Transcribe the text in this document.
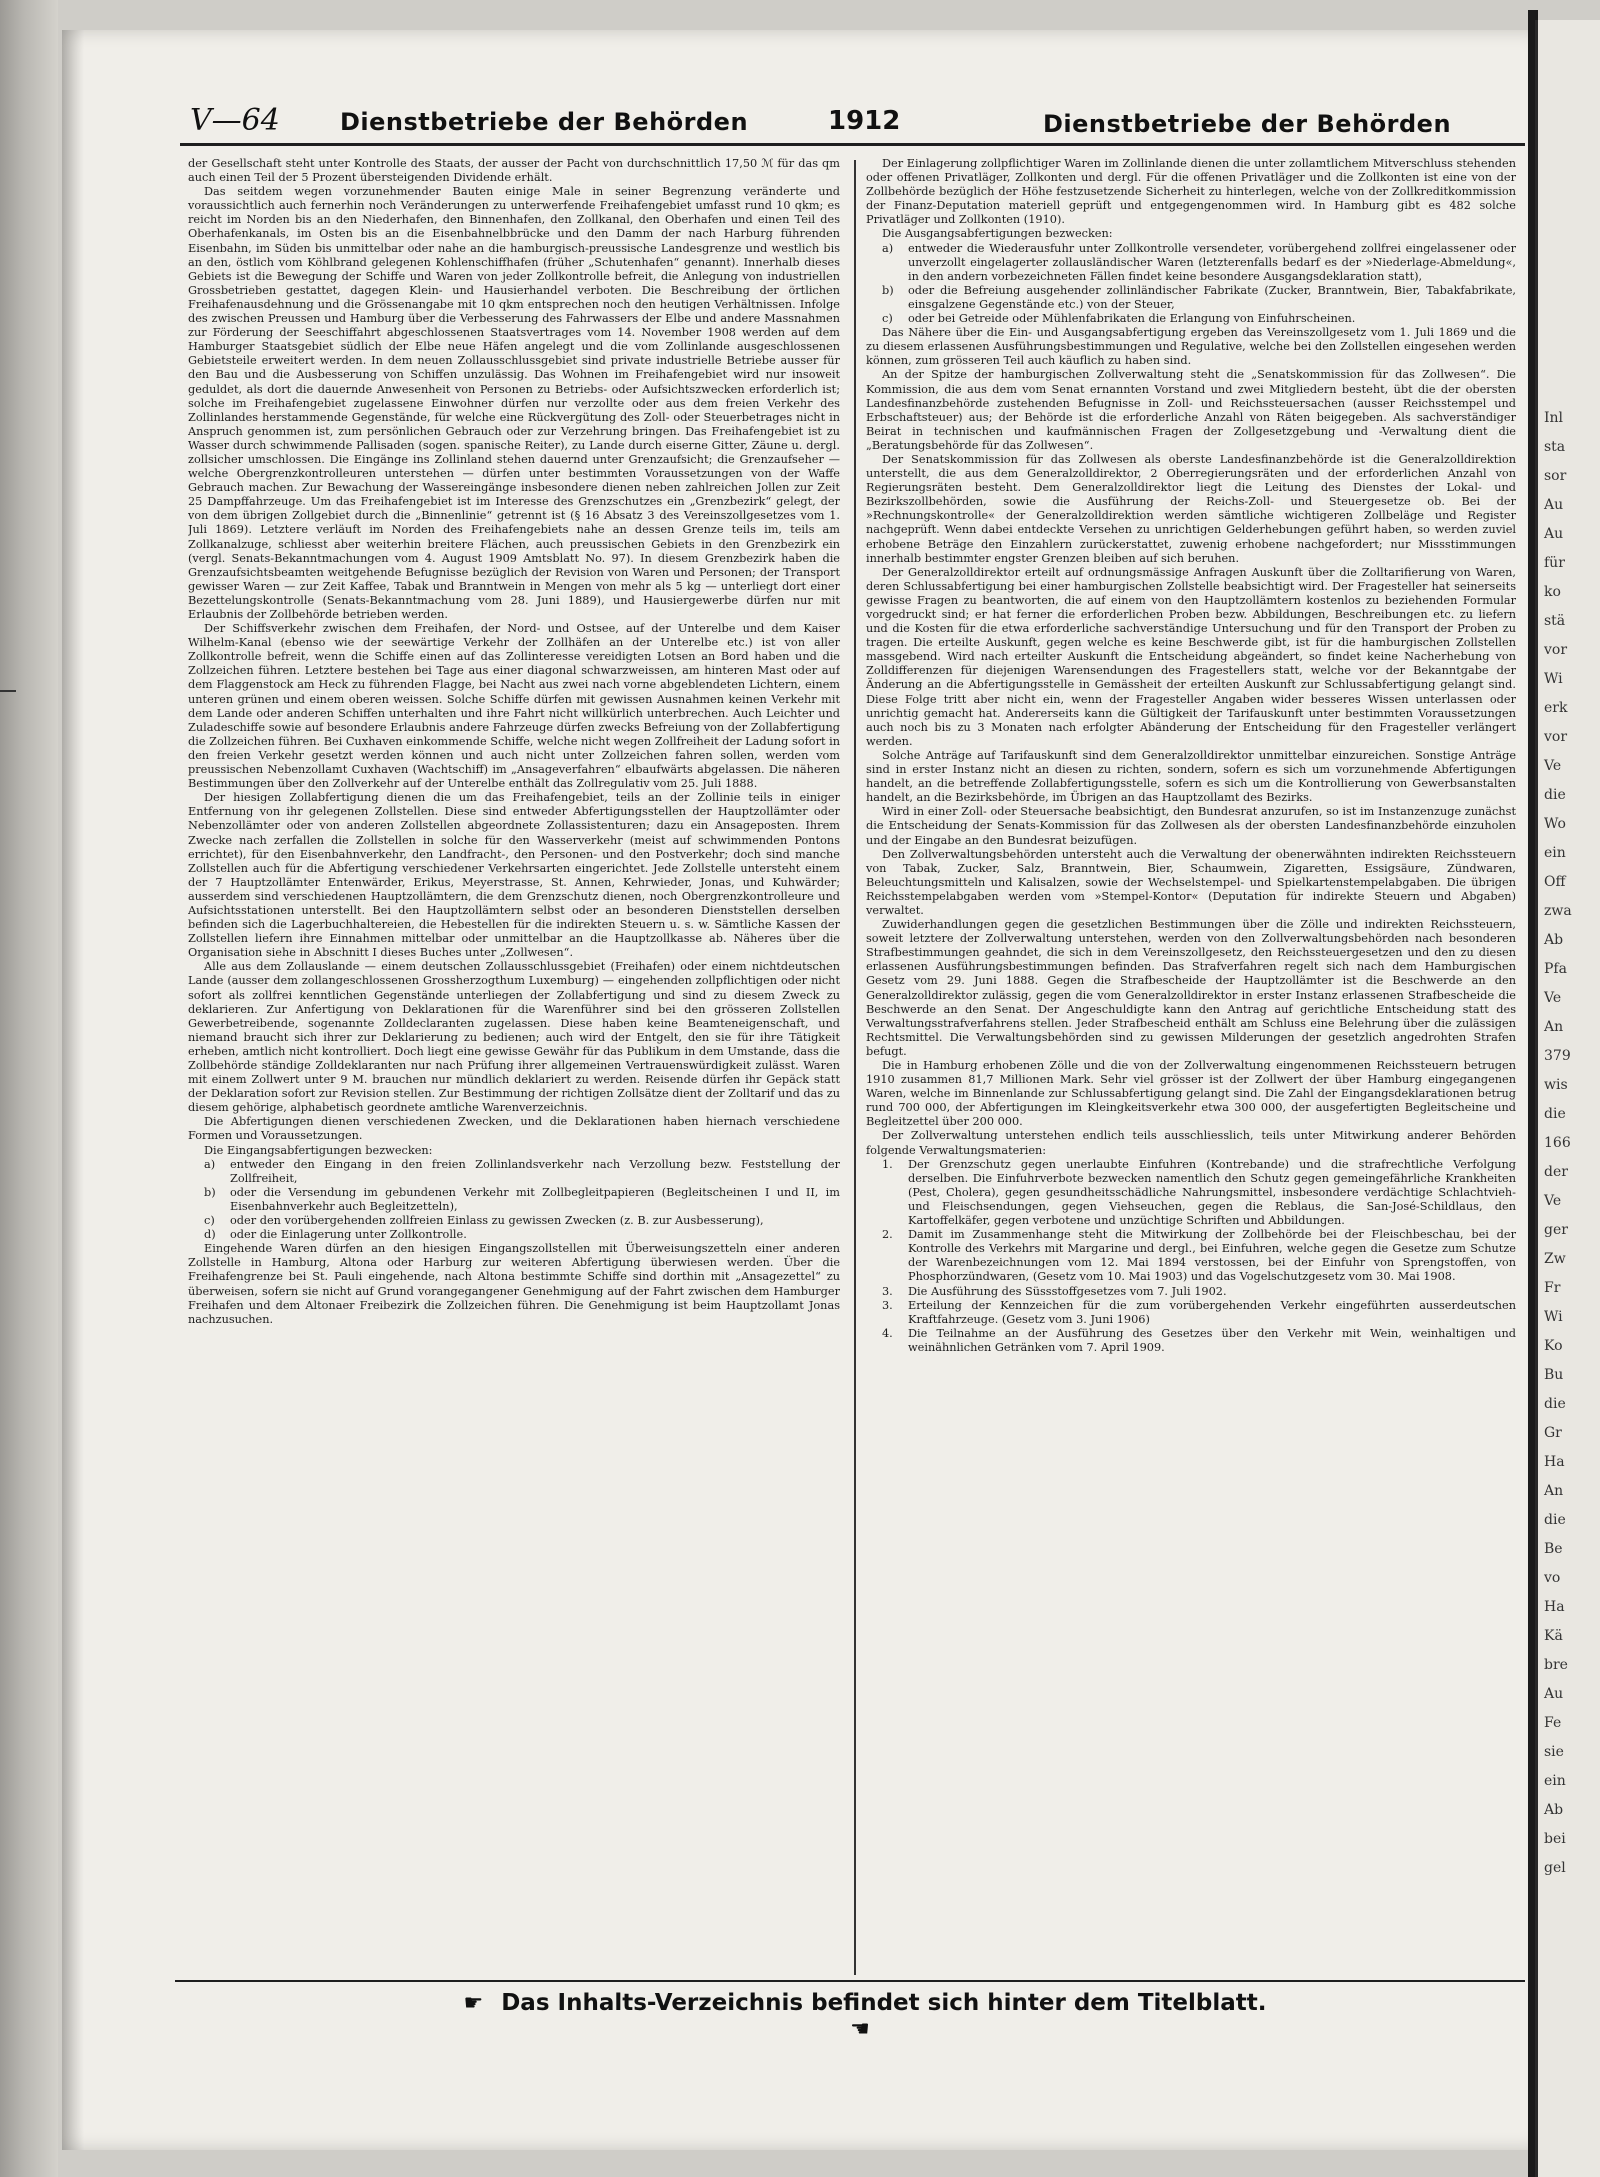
Inl
sta
sor
Au
Au
für
ko
stä
vor
Wi
erk
vor
Ve
die
Wo
ein
Off
zwa
Ab
Pfa
Ve
An
379
wis
die
166
der
Ve
ger
Zw
Fr
Wi
Ko
Bu
die
Gr
Ha
An
die
Be
vo
Ha
Kä
bre
Au
Fe
sie
ein
Ab
bei
gel
V—64	Dienstbetriebe der Behörden	1912	Dienstbetriebe der Behörden

der Gesellschaft steht unter Kontrolle des Staats, der ausser der Pacht von durchschnittlich 17,50 ℳ für das qm auch einen Teil der 5 Prozent übersteigenden Dividende erhält.

Das seitdem wegen vorzunehmender Bauten einige Male in seiner Begrenzung veränderte und voraussichtlich auch fernerhin noch Veränderungen zu unterwerfende Freihafengebiet umfasst rund 10 qkm; es reicht im Norden bis an den Niederhafen, den Binnenhafen, den Zollkanal, den Oberhafen und einen Teil des Oberhafenkanals, im Osten bis an die Eisenbahnelbbrücke und den Damm der nach Harburg führenden Eisenbahn, im Süden bis unmittelbar oder nahe an die hamburgisch-preussische Landesgrenze und westlich bis an den, östlich vom Köhlbrand gelegenen Kohlenschiffhafen (früher „Schutenhafen“ genannt). Innerhalb dieses Gebiets ist die Bewegung der Schiffe und Waren von jeder Zollkontrolle befreit, die Anlegung von industriellen Grossbetrieben gestattet, dagegen Klein- und Hausierhandel verboten. Die Beschreibung der örtlichen Freihafenausdehnung und die Grössenangabe mit 10 qkm entsprechen noch den heutigen Verhältnissen. Infolge des zwischen Preussen und Hamburg über die Verbesserung des Fahrwassers der Elbe und andere Massnahmen zur Förderung der Seeschiffahrt abgeschlossenen Staatsvertrages vom 14. November 1908 werden auf dem Hamburger Staatsgebiet südlich der Elbe neue Häfen angelegt und die vom Zollinlande ausgeschlossenen Gebietsteile erweitert werden. In dem neuen Zollausschlussgebiet sind private industrielle Betriebe ausser für den Bau und die Ausbesserung von Schiffen unzulässig. Das Wohnen im Freihafengebiet wird nur insoweit geduldet, als dort die dauernde Anwesenheit von Personen zu Betriebs- oder Aufsichtszwecken erforderlich ist; solche im Freihafengebiet zugelassene Einwohner dürfen nur verzollte oder aus dem freien Verkehr des Zollinlandes herstammende Gegenstände, für welche eine Rückvergütung des Zoll- oder Steuerbetrages nicht in Anspruch genommen ist, zum persönlichen Gebrauch oder zur Verzehrung bringen. Das Freihafengebiet ist zu Wasser durch schwimmende Pallisaden (sogen. spanische Reiter), zu Lande durch eiserne Gitter, Zäune u. dergl. zollsicher umschlossen. Die Eingänge ins Zollinland stehen dauernd unter Grenzaufsicht; die Grenzaufseher — welche Obergrenzkontrolleuren unterstehen — dürfen unter bestimmten Voraussetzungen von der Waffe Gebrauch machen. Zur Bewachung der Wassereingänge insbesondere dienen neben zahlreichen Jollen zur Zeit 25 Dampffahrzeuge. Um das Freihafengebiet ist im Interesse des Grenzschutzes ein „Grenzbezirk“ gelegt, der von dem übrigen Zollgebiet durch die „Binnenlinie“ getrennt ist (§ 16 Absatz 3 des Vereinszollgesetzes vom 1. Juli 1869). Letztere verläuft im Norden des Freihafengebiets nahe an dessen Grenze teils im, teils am Zollkanalzuge, schliesst aber weiterhin breitere Flächen, auch preussischen Gebiets in den Grenzbezirk ein (vergl. Senats-Bekanntmachungen vom 4. August 1909 Amtsblatt No. 97). In diesem Grenzbezirk haben die Grenzaufsichtsbeamten weitgehende Befugnisse bezüglich der Revision von Waren und Personen; der Transport gewisser Waren — zur Zeit Kaffee, Tabak und Branntwein in Mengen von mehr als 5 kg — unterliegt dort einer Bezettelungskontrolle (Senats-Bekanntmachung vom 28. Juni 1889), und Hausiergewerbe dürfen nur mit Erlaubnis der Zollbehörde betrieben werden.

Der Schiffsverkehr zwischen dem Freihafen, der Nord- und Ostsee, auf der Unterelbe und dem Kaiser Wilhelm-Kanal (ebenso wie der seewärtige Verkehr der Zollhäfen an der Unterelbe etc.) ist von aller Zollkontrolle befreit, wenn die Schiffe einen auf das Zollinteresse vereidigten Lotsen an Bord haben und die Zollzeichen führen. Letztere bestehen bei Tage aus einer diagonal schwarzweissen, am hinteren Mast oder auf dem Flaggenstock am Heck zu führenden Flagge, bei Nacht aus zwei nach vorne abgeblendeten Lichtern, einem unteren grünen und einem oberen weissen. Solche Schiffe dürfen mit gewissen Ausnahmen keinen Verkehr mit dem Lande oder anderen Schiffen unterhalten und ihre Fahrt nicht willkürlich unterbrechen. Auch Leichter und Zuladeschiffe sowie auf besondere Erlaubnis andere Fahrzeuge dürfen zwecks Befreiung von der Zollabfertigung die Zollzeichen führen. Bei Cuxhaven einkommende Schiffe, welche nicht wegen Zollfreiheit der Ladung sofort in den freien Verkehr gesetzt werden können und auch nicht unter Zollzeichen fahren sollen, werden vom preussischen Nebenzollamt Cuxhaven (Wachtschiff) im „Ansageverfahren“ elbaufwärts abgelassen. Die näheren Bestimmungen über den Zollverkehr auf der Unterelbe enthält das Zollregulativ vom 25. Juli 1888.

Der hiesigen Zollabfertigung dienen die um das Freihafengebiet, teils an der Zollinie teils in einiger Entfernung von ihr gelegenen Zollstellen. Diese sind entweder Abfertigungsstellen der Hauptzollämter oder Nebenzollämter oder von anderen Zollstellen abgeordnete Zollassistenturen; dazu ein Ansageposten. Ihrem Zwecke nach zerfallen die Zollstellen in solche für den Wasserverkehr (meist auf schwimmenden Pontons errichtet), für den Eisenbahnverkehr, den Landfracht-, den Personen- und den Postverkehr; doch sind manche Zollstellen auch für die Abfertigung verschiedener Verkehrsarten eingerichtet. Jede Zollstelle untersteht einem der 7 Hauptzollämter Entenwärder, Erikus, Meyerstrasse, St. Annen, Kehrwieder, Jonas, und Kuhwärder; ausserdem sind verschiedenen Hauptzollämtern, die dem Grenzschutz dienen, noch Obergrenzkontrolleure und Aufsichtsstationen unterstellt. Bei den Hauptzollämtern selbst oder an besonderen Dienststellen derselben befinden sich die Lagerbuchhaltereien, die Hebestellen für die indirekten Steuern u. s. w. Sämtliche Kassen der Zollstellen liefern ihre Einnahmen mittelbar oder unmittelbar an die Hauptzollkasse ab. Näheres über die Organisation siehe in Abschnitt I dieses Buches unter „Zollwesen“.

Alle aus dem Zollauslande — einem deutschen Zollausschlussgebiet (Freihafen) oder einem nichtdeutschen Lande (ausser dem zollangeschlossenen Grossherzogthum Luxemburg) — eingehenden zollpflichtigen oder nicht sofort als zollfrei kenntlichen Gegenstände unterliegen der Zollabfertigung und sind zu diesem Zweck zu deklarieren. Zur Anfertigung von Deklarationen für die Warenführer sind bei den grösseren Zollstellen Gewerbetreibende, sogenannte Zolldeclaranten zugelassen. Diese haben keine Beamteneigenschaft, und niemand braucht sich ihrer zur Deklarierung zu bedienen; auch wird der Entgelt, den sie für ihre Tätigkeit erheben, amtlich nicht kontrolliert. Doch liegt eine gewisse Gewähr für das Publikum in dem Umstande, dass die Zollbehörde ständige Zolldeklaranten nur nach Prüfung ihrer allgemeinen Vertrauenswürdigkeit zulässt. Waren mit einem Zollwert unter 9 M. brauchen nur mündlich deklariert zu werden. Reisende dürfen ihr Gepäck statt der Deklaration sofort zur Revision stellen. Zur Bestimmung der richtigen Zollsätze dient der Zolltarif und das zu diesem gehörige, alphabetisch geordnete amtliche Warenverzeichnis.

Die Abfertigungen dienen verschiedenen Zwecken, und die Deklarationen haben hiernach verschiedene Formen und Voraussetzungen.

Die Eingangsabfertigungen bezwecken:

a)	entweder den Eingang in den freien Zollinlandsverkehr nach Verzollung bezw. Feststellung der Zollfreiheit,
b)	oder die Versendung im gebundenen Verkehr mit Zollbegleitpapieren (Begleitscheinen I und II, im Eisenbahnverkehr auch Begleitzetteln),
c)	oder den vorübergehenden zollfreien Einlass zu gewissen Zwecken (z. B. zur Ausbesserung),
d)	oder die Einlagerung unter Zollkontrolle.

Eingehende Waren dürfen an den hiesigen Eingangszollstellen mit Überweisungszetteln einer anderen Zollstelle in Hamburg, Altona oder Harburg zur weiteren Abfertigung überwiesen werden. Über die Freihafengrenze bei St. Pauli eingehende, nach Altona bestimmte Schiffe sind dorthin mit „Ansagezettel“ zu überweisen, sofern sie nicht auf Grund vorangegangener Genehmigung auf der Fahrt zwischen dem Hamburger Freihafen und dem Altonaer Freibezirk die Zollzeichen führen. Die Genehmigung ist beim Hauptzollamt Jonas nachzusuchen.

Der Einlagerung zollpflichtiger Waren im Zollinlande dienen die unter zollamtlichem Mitverschluss stehenden oder offenen Privatläger, Zollkonten und dergl. Für die offenen Privatläger und die Zollkonten ist eine von der Zollbehörde bezüglich der Höhe festzusetzende Sicherheit zu hinterlegen, welche von der Zollkreditkommission der Finanz-Deputation materiell geprüft und entgegengenommen wird. In Hamburg gibt es 482 solche Privatläger und Zollkonten (1910).

Die Ausgangsabfertigungen bezwecken:

a)	entweder die Wiederausfuhr unter Zollkontrolle versendeter, vorübergehend zollfrei eingelassener oder unverzollt eingelagerter zollausländischer Waren (letzterenfalls bedarf es der »Niederlage-Abmeldung«, in den andern vorbezeichneten Fällen findet keine besondere Ausgangsdeklaration statt),
b)	oder die Befreiung ausgehender zollinländischer Fabrikate (Zucker, Branntwein, Bier, Tabakfabrikate, einsgalzene Gegenstände etc.) von der Steuer,
c)	oder bei Getreide oder Mühlenfabrikaten die Erlangung von Einfuhrscheinen.

Das Nähere über die Ein- und Ausgangsabfertigung ergeben das Vereinszollgesetz vom 1. Juli 1869 und die zu diesem erlassenen Ausführungsbestimmungen und Regulative, welche bei den Zollstellen eingesehen werden können, zum grösseren Teil auch käuflich zu haben sind.

An der Spitze der hamburgischen Zollverwaltung steht die „Senatskommission für das Zollwesen“. Die Kommission, die aus dem vom Senat ernannten Vorstand und zwei Mitgliedern besteht, übt die der obersten Landesfinanzbehörde zustehenden Befugnisse in Zoll- und Reichssteuersachen (ausser Reichsstempel und Erbschaftsteuer) aus; der Behörde ist die erforderliche Anzahl von Räten beigegeben. Als sachverständiger Beirat in technischen und kaufmännischen Fragen der Zollgesetzgebung und -Verwaltung dient die „Beratungsbehörde für das Zollwesen“.

Der Senatskommission für das Zollwesen als oberste Landesfinanzbehörde ist die Generalzolldirektion unterstellt, die aus dem Generalzolldirektor, 2 Oberregierungsräten und der erforderlichen Anzahl von Regierungsräten besteht. Dem Generalzolldirektor liegt die Leitung des Dienstes der Lokal- und Bezirkszollbehörden, sowie die Ausführung der Reichs-Zoll- und Steuergesetze ob. Bei der »Rechnungskontrolle« der Generalzolldirektion werden sämtliche wichtigeren Zollbeläge und Register nachgeprüft. Wenn dabei entdeckte Versehen zu unrichtigen Gelderhebungen geführt haben, so werden zuviel erhobene Beträge den Einzahlern zurückerstattet, zuwenig erhobene nachgefordert; nur Missstimmungen innerhalb bestimmter engster Grenzen bleiben auf sich beruhen.

Der Generalzolldirektor erteilt auf ordnungsmässige Anfragen Auskunft über die Zolltarifierung von Waren, deren Schlussabfertigung bei einer hamburgischen Zollstelle beabsichtigt wird. Der Fragesteller hat seinerseits gewisse Fragen zu beantworten, die auf einem von den Hauptzollämtern kostenlos zu beziehenden Formular vorgedruckt sind; er hat ferner die erforderlichen Proben bezw. Abbildungen, Beschreibungen etc. zu liefern und die Kosten für die etwa erforderliche sachverständige Untersuchung und für den Transport der Proben zu tragen. Die erteilte Auskunft, gegen welche es keine Beschwerde gibt, ist für die hamburgischen Zollstellen massgebend. Wird nach erteilter Auskunft die Entscheidung abgeändert, so findet keine Nacherhebung von Zolldifferenzen für diejenigen Warensendungen des Fragestellers statt, welche vor der Bekanntgabe der Änderung an die Abfertigungsstelle in Gemässheit der erteilten Auskunft zur Schlussabfertigung gelangt sind. Diese Folge tritt aber nicht ein, wenn der Fragesteller Angaben wider besseres Wissen unterlassen oder unrichtig gemacht hat. Andererseits kann die Gültigkeit der Tarifauskunft unter bestimmten Voraussetzungen auch noch bis zu 3 Monaten nach erfolgter Abänderung der Entscheidung für den Fragesteller verlängert werden.

Solche Anträge auf Tarifauskunft sind dem Generalzolldirektor unmittelbar einzureichen. Sonstige Anträge sind in erster Instanz nicht an diesen zu richten, sondern, sofern es sich um vorzunehmende Abfertigungen handelt, an die betreffende Zollabfertigungsstelle, sofern es sich um die Kontrollierung von Gewerbsanstalten handelt, an die Bezirksbehörde, im Übrigen an das Hauptzollamt des Bezirks.

Wird in einer Zoll- oder Steuersache beabsichtigt, den Bundesrat anzurufen, so ist im Instanzenzuge zunächst die Entscheidung der Senats-Kommission für das Zollwesen als der obersten Landesfinanzbehörde einzuholen und der Eingabe an den Bundesrat beizufügen.

Den Zollverwaltungsbehörden untersteht auch die Verwaltung der obenerwähnten indirekten Reichssteuern von Tabak, Zucker, Salz, Branntwein, Bier, Schaumwein, Zigaretten, Essigsäure, Zündwaren, Beleuchtungsmitteln und Kalisalzen, sowie der Wechselstempel- und Spielkartenstempelabgaben. Die übrigen Reichsstempelabgaben werden vom »Stempel-Kontor« (Deputation für indirekte Steuern und Abgaben) verwaltet.

Zuwiderhandlungen gegen die gesetzlichen Bestimmungen über die Zölle und indirekten Reichssteuern, soweit letztere der Zollverwaltung unterstehen, werden von den Zollverwaltungsbehörden nach besonderen Strafbestimmungen geahndet, die sich in dem Vereinszollgesetz, den Reichssteuergesetzen und den zu diesen erlassenen Ausführungsbestimmungen befinden. Das Strafverfahren regelt sich nach dem Hamburgischen Gesetz vom 29. Juni 1888. Gegen die Strafbescheide der Hauptzollämter ist die Beschwerde an den Generalzolldirektor zulässig, gegen die vom Generalzolldirektor in erster Instanz erlassenen Strafbescheide die Beschwerde an den Senat. Der Angeschuldigte kann den Antrag auf gerichtliche Entscheidung statt des Verwaltungsstrafverfahrens stellen. Jeder Strafbescheid enthält am Schluss eine Belehrung über die zulässigen Rechtsmittel. Die Verwaltungsbehörden sind zu gewissen Milderungen der gesetzlich angedrohten Strafen befugt.

Die in Hamburg erhobenen Zölle und die von der Zollverwaltung eingenommenen Reichssteuern betrugen 1910 zusammen 81,7 Millionen Mark. Sehr viel grösser ist der Zollwert der über Hamburg eingegangenen Waren, welche im Binnenlande zur Schlussabfertigung gelangt sind. Die Zahl der Eingangsdeklarationen betrug rund 700 000, der Abfertigungen im Kleingkeitsverkehr etwa 300 000, der ausgefertigten Begleitscheine und Begleitzettel über 200 000.

Der Zollverwaltung unterstehen endlich teils ausschliesslich, teils unter Mitwirkung anderer Behörden folgende Verwaltungsmaterien:

1.	Der Grenzschutz gegen unerlaubte Einfuhren (Kontrebande) und die strafrechtliche Verfolgung derselben. Die Einfuhrverbote bezwecken namentlich den Schutz gegen gemeingefährliche Krankheiten (Pest, Cholera), gegen gesundheitsschädliche Nahrungsmittel, insbesondere verdächtige Schlachtvieh- und Fleischsendungen, gegen Viehseuchen, gegen die Reblaus, die San-José-Schildlaus, den Kartoffelkäfer, gegen verbotene und unzüchtige Schriften und Abbildungen.
2.	Damit im Zusammenhange steht die Mitwirkung der Zollbehörde bei der Fleischbeschau, bei der Kontrolle des Verkehrs mit Margarine und dergl., bei Einfuhren, welche gegen die Gesetze zum Schutze der Warenbezeichnungen vom 12. Mai 1894 verstossen, bei der Einfuhr von Sprengstoffen, von Phosphorzündwaren, (Gesetz vom 10. Mai 1903) und das Vogelschutzgesetz vom 30. Mai 1908.
3.	Die Ausführung des Süssstoffgesetzes vom 7. Juli 1902.
3.	Erteilung der Kennzeichen für die zum vorübergehenden Verkehr eingeführten ausserdeutschen Kraftfahrzeuge. (Gesetz vom 3. Juni 1906)
4.	Die Teilnahme an der Ausführung des Gesetzes über den Verkehr mit Wein, weinhaltigen und weinähnlichen Getränken vom 7. April 1909.
☛ Das Inhalts-Verzeichnis befindet sich hinter dem Titelblatt. ☚
